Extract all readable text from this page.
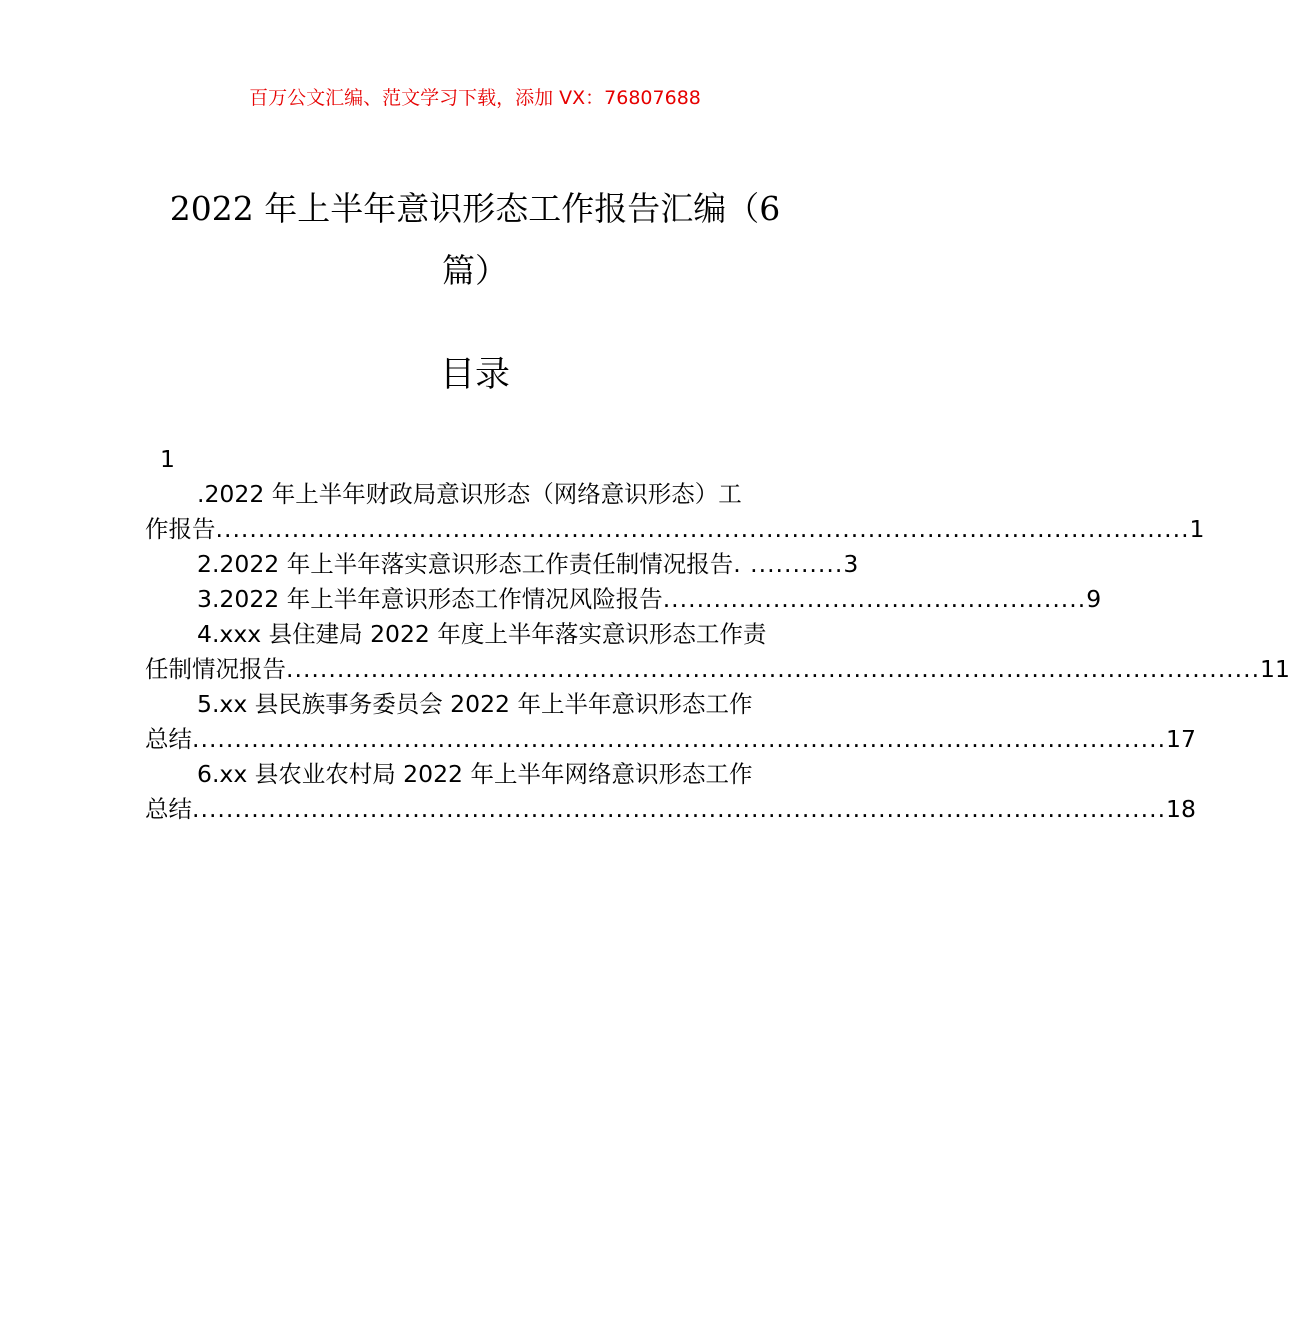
百万公文汇编、范文学习下载，添加 VX：76807688
2022 年上半年意识形态工作报告汇编（6 篇）
目录
1
.2022 年上半年财政局意识形态（网络意识形态）工
作报告 ................................................................................................................... 1
2.2022 年上半年落实意识形态工作责任制情况报告 . ........... 3
3.2022 年上半年意识形态工作情况风险报告 .................................................. 9
4.xxx 县住建局 2022 年度上半年落实意识形态工作责
任制情况报告 ................................................................................................................... 11
5.xx 县民族事务委员会 2022 年上半年意识形态工作
总结 ................................................................................................................... 17
6.xx 县农业农村局 2022 年上半年网络意识形态工作
总结 ................................................................................................................... 18
